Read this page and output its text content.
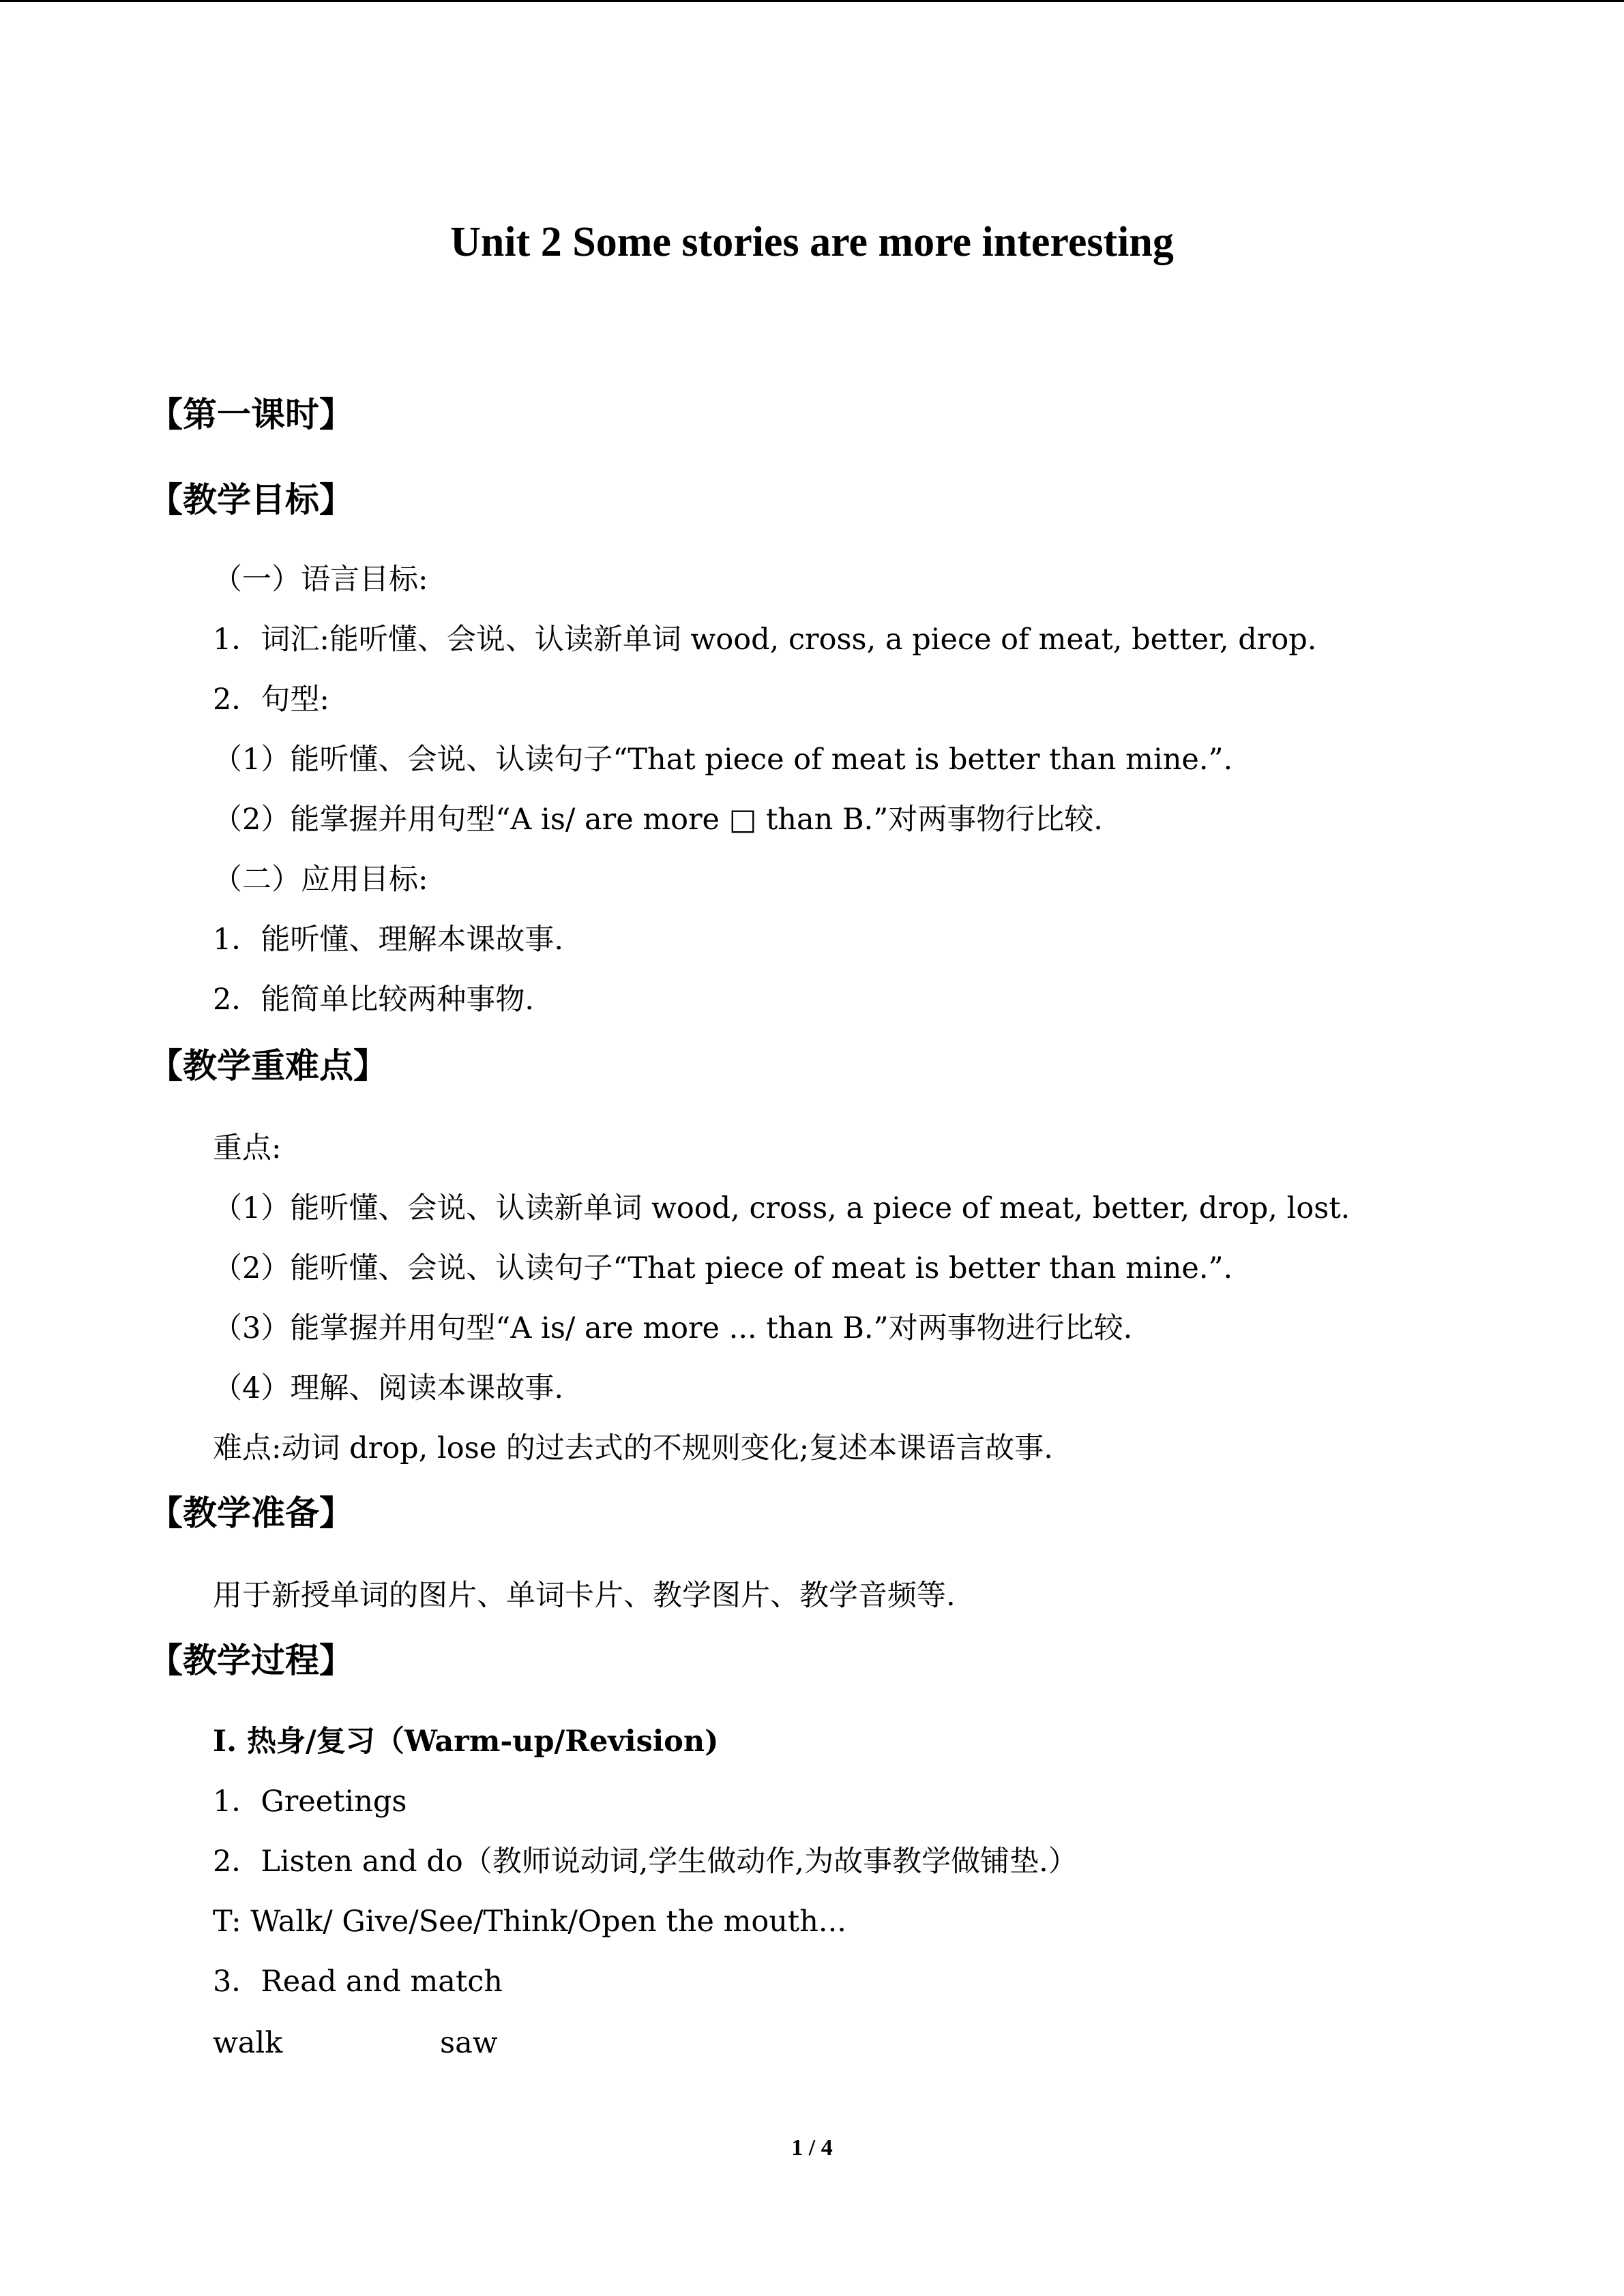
Unit 2 Some stories are more interesting
【第一课时】
【教学目标】
（一）语言目标:
1．词汇:能听懂、会说、认读新单词 wood, cross, a piece of meat, better, drop.
2．句型:
（1）能听懂、会说、认读句子“That piece of meat is better than mine.”.
（2）能掌握并用句型“A is/ are more □ than B.”对两事物行比较.
（二）应用目标:
1．能听懂、理解本课故事.
2．能简单比较两种事物.
【教学重难点】
重点:
（1）能听懂、会说、认读新单词 wood, cross, a piece of meat, better, drop, lost.
（2）能听懂、会说、认读句子“That piece of meat is better than mine.”.
（3）能掌握并用句型“A is/ are more ... than B.”对两事物进行比较.
（4）理解、阅读本课故事.
难点:动词 drop, lose 的过去式的不规则变化;复述本课语言故事.
【教学准备】
用于新授单词的图片、单词卡片、教学图片、教学音频等.
【教学过程】
I. 热身/复习（Warm-up/Revision)
1．Greetings
2．Listen and do（教师说动词,学生做动作,为故事教学做铺垫.）
T: Walk/ Give/See/Think/Open the mouth...
3．Read and match
walk	saw
1 / 4
